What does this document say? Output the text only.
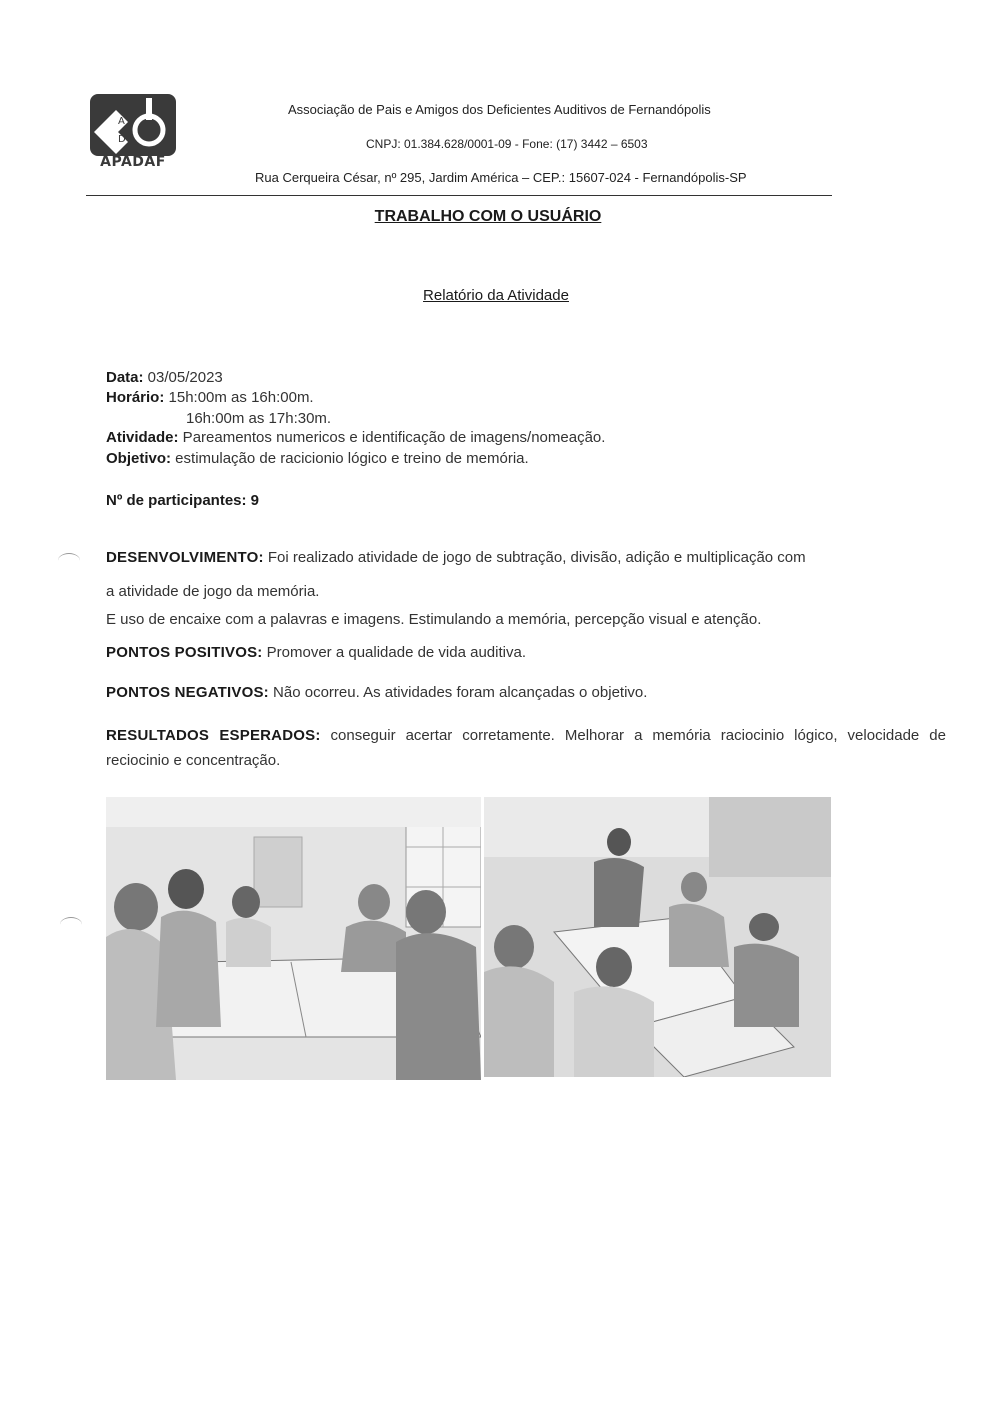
A
D
APADAF
Associação de Pais e Amigos dos Deficientes Auditivos de Fernandópolis
CNPJ: 01.384.628/0001-09 - Fone: (17) 3442 – 6503
Rua Cerqueira César, nº 295, Jardim América – CEP.: 15607-024 - Fernandópolis-SP
TRABALHO COM O USUÁRIO
Relatório da Atividade
Data: 03/05/2023
Horário: 15h:00m as 16h:00m.
16h:00m as 17h:30m.
Atividade: Pareamentos numericos e identificação de imagens/nomeação.
Objetivo: estimulação de racicionio lógico e treino de memória.
Nº de participantes: 9
DESENVOLVIMENTO: Foi realizado atividade de jogo de subtração, divisão, adição e multiplicação com
a atividade de jogo da memória.
E uso de encaixe com a palavras e imagens. Estimulando a memória, percepção visual e atenção.
PONTOS POSITIVOS: Promover a qualidade de vida auditiva.
PONTOS NEGATIVOS: Não ocorreu. As atividades foram alcançadas o objetivo.
RESULTADOS ESPERADOS: conseguir acertar corretamente. Melhorar a memória raciocinio lógico, velocidade de reciocinio e concentração.
